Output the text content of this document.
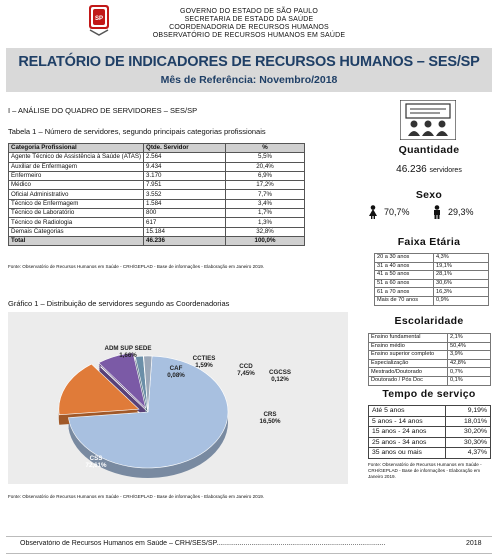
SP
GOVERNO DO ESTADO DE SÃO PAULO
SECRETARIA DE ESTADO DA SAÚDE
COORDENADORIA DE RECURSOS HUMANOS
OBSERVATÓRIO DE RECURSOS HUMANOS EM SAÚDE
RELATÓRIO DE INDICADORES DE RECURSOS HUMANOS – SES/SP
Mês de Referência: Novembro/2018
I – ANÁLISE DO QUADRO DE SERVIDORES – SES/SP
Tabela 1 – Número de servidores, segundo principais categorias profissionais
Categoria Profissional	Qtde. Servidor	%
Agente Técnico de Assistência à Saúde (ATAS)	2.564	5,5%
Auxiliar de Enfermagem	9.434	20,4%
Enfermeiro	3.170	6,9%
Médico	7.951	17,2%
Oficial Administrativo	3.552	7,7%
Técnico de Enfermagem	1.584	3,4%
Técnico de Laboratório	800	1,7%
Técnico de Radiologia	617	1,3%
Demais Categorias	15.184	32,8%
Total	46.236	100,0%
Fonte: Observatório de Recursos Humanos em Saúde - CRH/GEPLAD - Base de informações - Elaboração em Janeiro 2019.
Gráfico 1 – Distribuição de servidores segundo as Coordenadorias
CSS 72,61%
CRS 16,50%
CGCSS 0,12%
CCD 7,45%
CCTIES 1,59%
CAF 0,08%
ADM SUP SEDE 1,66%
Fonte: Observatório de Recursos Humanos em Saúde - CRH/GEPLAD - Base de informações - Elaboração em Janeiro 2019.
Quantidade
46.236 servidores
Sexo
70,7%	29,3%
Faixa Etária
20 a 30 anos	4,3%
31 a 40 anos	19,1%
41 a 50 anos	28,1%
51 a 60 anos	30,6%
61 a 70 anos	16,3%
Mais de 70 anos	0,9%
Escolaridade
Ensino fundamental	2,1%
Ensino médio	50,4%
Ensino superior completo	3,9%
Especialização	42,8%
Mestrado/Doutorado	0,7%
Doutorado / Pós Doc	0,1%
Tempo de serviço
Até 5 anos	9,19%
5 anos - 14 anos	18,01%
15 anos - 24 anos	30,20%
25 anos - 34 anos	30,30%
35 anos ou mais	4,37%
Fonte: Observatório de Recursos Humanos em Saúde - CRH/GEPLAD - Base de informações - Elaboração em Janeiro 2019.
Observatório de Recursos Humanos em Saúde – CRH/SES/SP.......................................................................................	2018
